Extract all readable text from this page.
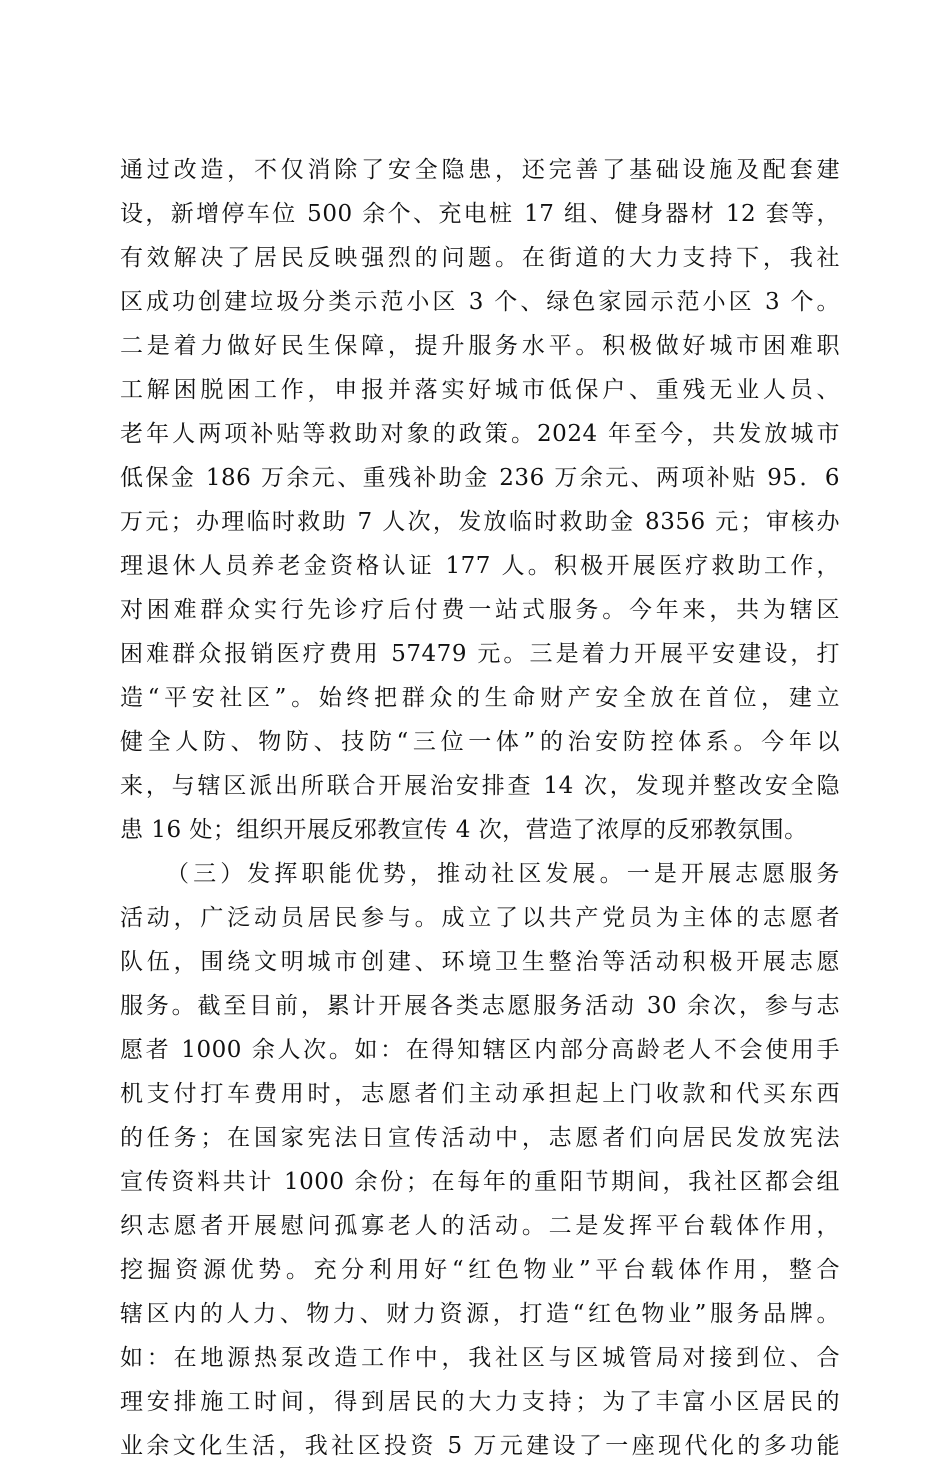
通过改造，不仅消除了安全隐患，还完善了基础设施及配套建
设，新增停车位 500 余个、充电桩 17 组、健身器材 12 套等，
有效解决了居民反映强烈的问题。在街道的大力支持下，我社
区成功创建垃圾分类示范小区 3 个、绿色家园示范小区 3 个。
二是着力做好民生保障，提升服务水平。积极做好城市困难职
工解困脱困工作，申报并落实好城市低保户、重残无业人员、
老年人两项补贴等救助对象的政策。2024 年至今，共发放城市
低保金 186 万余元、重残补助金 236 万余元、两项补贴 95．6
万元；办理临时救助 7 人次，发放临时救助金 8356 元；审核办
理退休人员养老金资格认证 177 人。积极开展医疗救助工作，
对困难群众实行先诊疗后付费一站式服务。今年来，共为辖区
困难群众报销医疗费用 57479 元。三是着力开展平安建设，打
造“平安社区”。始终把群众的生命财产安全放在首位，建立
健全人防、物防、技防“三位一体”的治安防控体系。今年以
来，与辖区派出所联合开展治安排查 14 次，发现并整改安全隐
患 16 处；组织开展反邪教宣传 4 次，营造了浓厚的反邪教氛围。
（三）发挥职能优势，推动社区发展。一是开展志愿服务
活动，广泛动员居民参与。成立了以共产党员为主体的志愿者
队伍，围绕文明城市创建、环境卫生整治等活动积极开展志愿
服务。截至目前，累计开展各类志愿服务活动 30 余次，参与志
愿者 1000 余人次。如：在得知辖区内部分高龄老人不会使用手
机支付打车费用时，志愿者们主动承担起上门收款和代买东西
的任务；在国家宪法日宣传活动中，志愿者们向居民发放宪法
宣传资料共计 1000 余份；在每年的重阳节期间，我社区都会组
织志愿者开展慰问孤寡老人的活动。二是发挥平台载体作用，
挖掘资源优势。充分利用好“红色物业”平台载体作用，整合
辖区内的人力、物力、财力资源，打造“红色物业”服务品牌。
如：在地源热泵改造工作中，我社区与区城管局对接到位、合
理安排施工时间，得到居民的大力支持；为了丰富小区居民的
业余文化生活，我社区投资 5 万元建设了一座现代化的多功能
